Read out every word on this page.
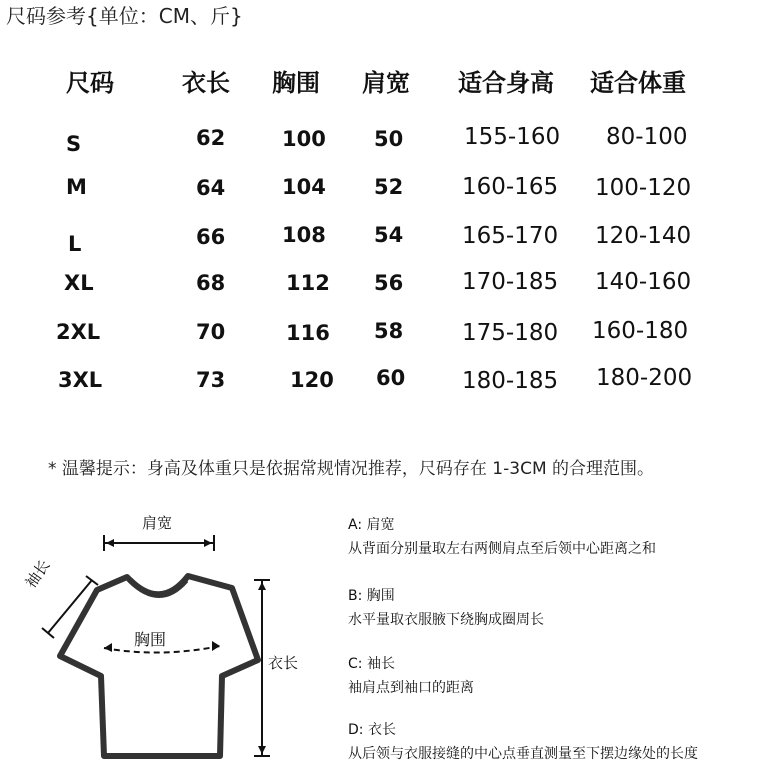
尺码参考{单位：CM、斤}
尺码	衣长 胸围 肩宽 适合身高 适合体重
S	62	100 50	155-160 80-100
M	64	104 52	160-165 100-120
L	66	108 54	165-170 120-140
XL	68	112 56	170-185 140-160
2XL	70	116 58	175-180 160-180
3XL	73	120 60 180-185 180-200
* 温馨提示：身高及体重只是依据常规情况推荐，尺码存在 1-3CM 的合理范围。
肩宽
袖长
胸围
衣长
A: 肩宽
从背面分别量取左右两侧肩点至后领中心距离之和
B: 胸围
水平量取衣服腋下绕胸成圈周长
C: 袖长
袖肩点到袖口的距离
D: 衣长
从后领与衣服接缝的中心点垂直测量至下摆边缘处的长度
